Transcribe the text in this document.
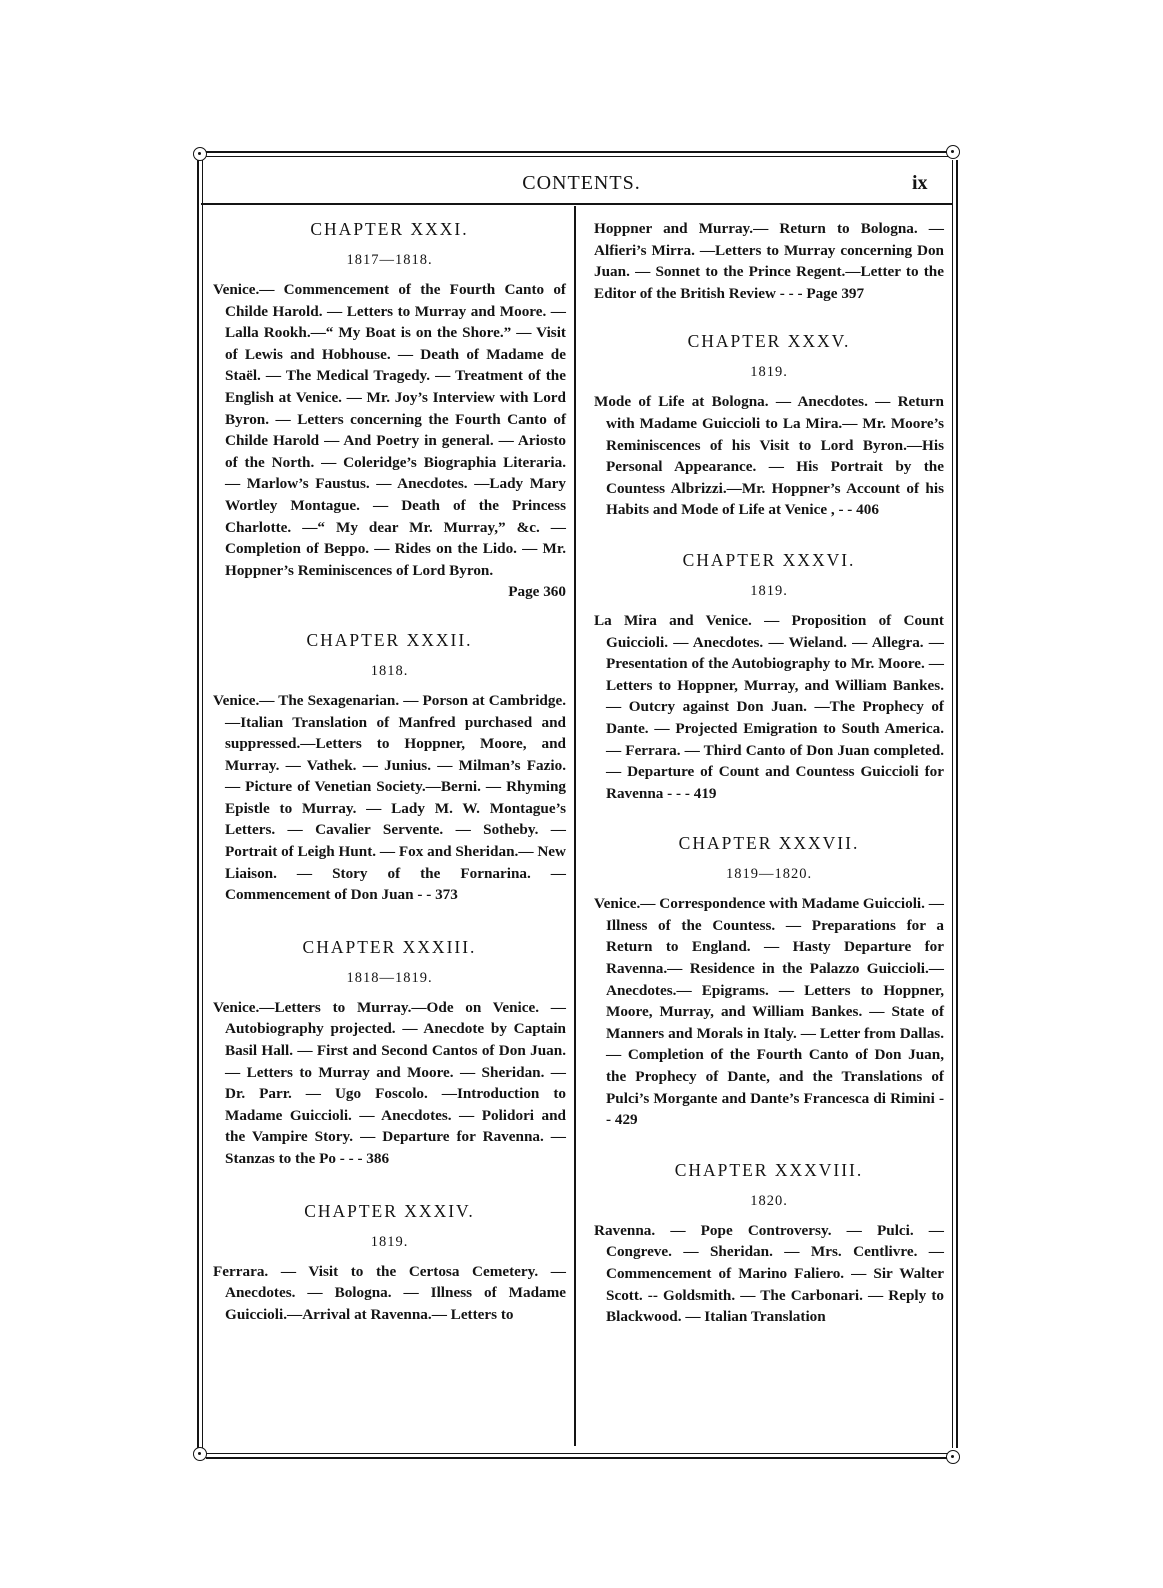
CONTENTS.	ix
CHAPTER XXXI.
1817—1818.

Venice.— Commencement of the Fourth Canto of Childe Harold. — Letters to Murray and Moore. —Lalla Rookh.—“ My Boat is on the Shore.” — Visit of Lewis and Hobhouse. — Death of Madame de Staël. — The Medical Tragedy. — Treatment of the English at Venice. — Mr. Joy’s Interview with Lord Byron. — Letters concerning the Fourth Canto of Childe Harold — And Poetry in general. — Ariosto of the North. — Coleridge’s Biographia Literaria. — Marlow’s Faustus. — Anecdotes. —Lady Mary Wortley Montague. — Death of the Princess Charlotte. —“ My dear Mr. Murray,” &c. — Completion of Beppo. — Rides on the Lido. — Mr. Hoppner’s Reminiscences of Lord Byron.

Page 360

CHAPTER XXXII.
1818.

Venice.— The Sexagenarian. — Porson at Cambridge.—Italian Translation of Manfred purchased and suppressed.—Letters to Hoppner, Moore, and Murray. — Vathek. — Junius. — Milman’s Fazio. — Picture of Venetian Society.—Berni. — Rhyming Epistle to Murray. — Lady M. W. Montague’s Letters. — Cavalier Servente. — Sotheby. — Portrait of Leigh Hunt. — Fox and Sheridan.— New Liaison. — Story of the Fornarina. — Commencement of Don Juan - - 373

CHAPTER XXXIII.
1818—1819.

Venice.—Letters to Murray.—Ode on Venice. — Autobiography projected. — Anecdote by Captain Basil Hall. — First and Second Cantos of Don Juan. — Letters to Murray and Moore. — Sheridan. — Dr. Parr. — Ugo Foscolo. —Introduction to Madame Guiccioli. — Anecdotes. — Polidori and the Vampire Story. — Departure for Ravenna. — Stanzas to the Po - - - 386

CHAPTER XXXIV.
1819.

Ferrara. — Visit to the Certosa Cemetery. — Anecdotes. — Bologna. — Illness of Madame Guiccioli.—Arrival at Ravenna.— Letters to

Hoppner and Murray.— Return to Bologna. —Alfieri’s Mirra. —Letters to Murray concerning Don Juan. — Sonnet to the Prince Regent.—Letter to the Editor of the British Review - - - Page 397

CHAPTER XXXV.
1819.

Mode of Life at Bologna. — Anecdotes. — Return with Madame Guiccioli to La Mira.— Mr. Moore’s Reminiscences of his Visit to Lord Byron.—His Personal Appearance. — His Portrait by the Countess Albrizzi.—Mr. Hoppner’s Account of his Habits and Mode of Life at Venice , - - 406

CHAPTER XXXVI.
1819.

La Mira and Venice. — Proposition of Count Guiccioli. — Anecdotes. — Wieland. — Allegra. — Presentation of the Autobiography to Mr. Moore. — Letters to Hoppner, Murray, and William Bankes.— Outcry against Don Juan. —The Prophecy of Dante. — Projected Emigration to South America. — Ferrara. — Third Canto of Don Juan completed. — Departure of Count and Countess Guiccioli for Ravenna - - - 419

CHAPTER XXXVII.
1819—1820.

Venice.— Correspondence with Madame Guiccioli. — Illness of the Countess. — Preparations for a Return to England. — Hasty Departure for Ravenna.— Residence in the Palazzo Guiccioli.—Anecdotes.— Epigrams. — Letters to Hoppner, Moore, Murray, and William Bankes. — State of Manners and Morals in Italy. — Letter from Dallas. — Completion of the Fourth Canto of Don Juan, the Prophecy of Dante, and the Translations of Pulci’s Morgante and Dante’s Francesca di Rimini - - 429

CHAPTER XXXVIII.
1820.

Ravenna. — Pope Controversy. — Pulci. — Congreve. — Sheridan. — Mrs. Centlivre. — Commencement of Marino Faliero. — Sir Walter Scott. -- Goldsmith. — The Carbonari. — Reply to Blackwood. — Italian Translation
